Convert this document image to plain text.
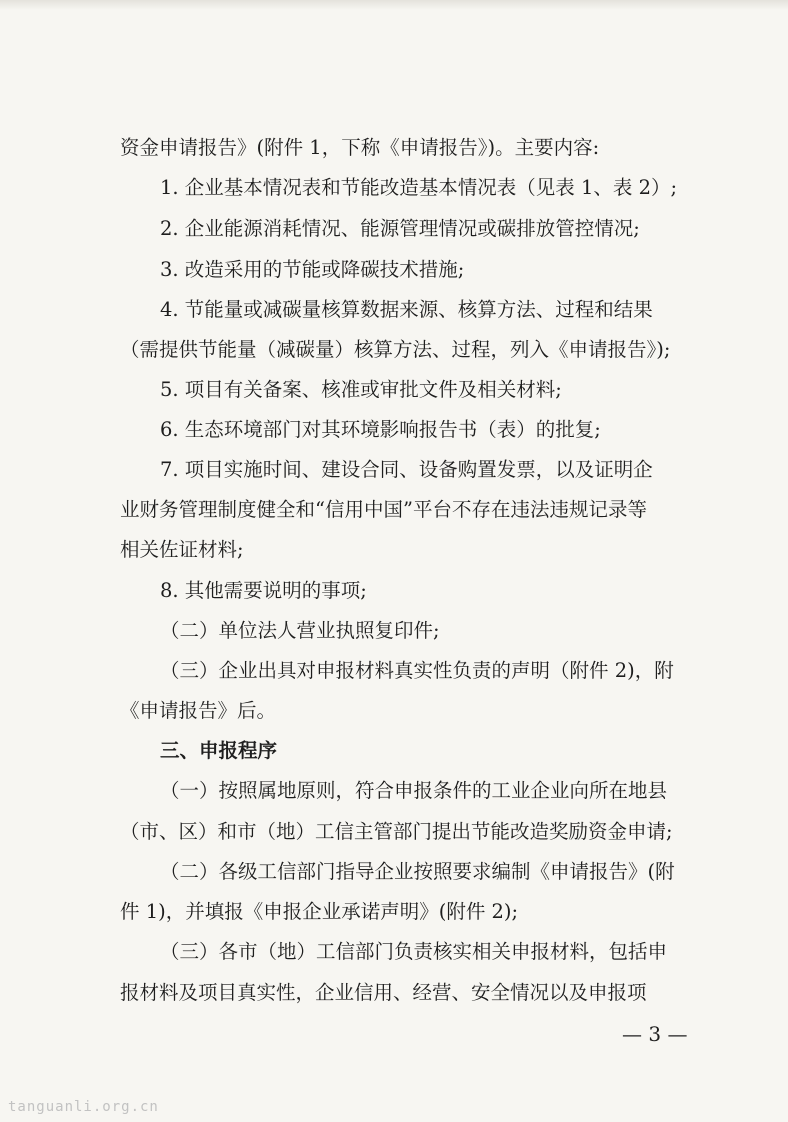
资金申请报告》(附件 1，下称《申请报告》)。主要内容:
1. 企业基本情况表和节能改造基本情况表（见表 1、表 2）;
2. 企业能源消耗情况、能源管理情况或碳排放管控情况;
3. 改造采用的节能或降碳技术措施;
4. 节能量或减碳量核算数据来源、核算方法、过程和结果
（需提供节能量（减碳量）核算方法、过程，列入《申请报告》);
5. 项目有关备案、核准或审批文件及相关材料;
6. 生态环境部门对其环境影响报告书（表）的批复;
7. 项目实施时间、建设合同、设备购置发票，以及证明企
业财务管理制度健全和“信用中国”平台不存在违法违规记录等
相关佐证材料;
8. 其他需要说明的事项;
（二）单位法人营业执照复印件;
（三）企业出具对申报材料真实性负责的声明（附件 2)，附
《申请报告》后。
三、申报程序
（一）按照属地原则，符合申报条件的工业企业向所在地县
（市、区）和市（地）工信主管部门提出节能改造奖励资金申请;
（二）各级工信部门指导企业按照要求编制《申请报告》(附
件 1)，并填报《申报企业承诺声明》(附件 2);
（三）各市（地）工信部门负责核实相关申报材料，包括申
报材料及项目真实性，企业信用、经营、安全情况以及申报项
— 3 —
tanguanli.org.cn
